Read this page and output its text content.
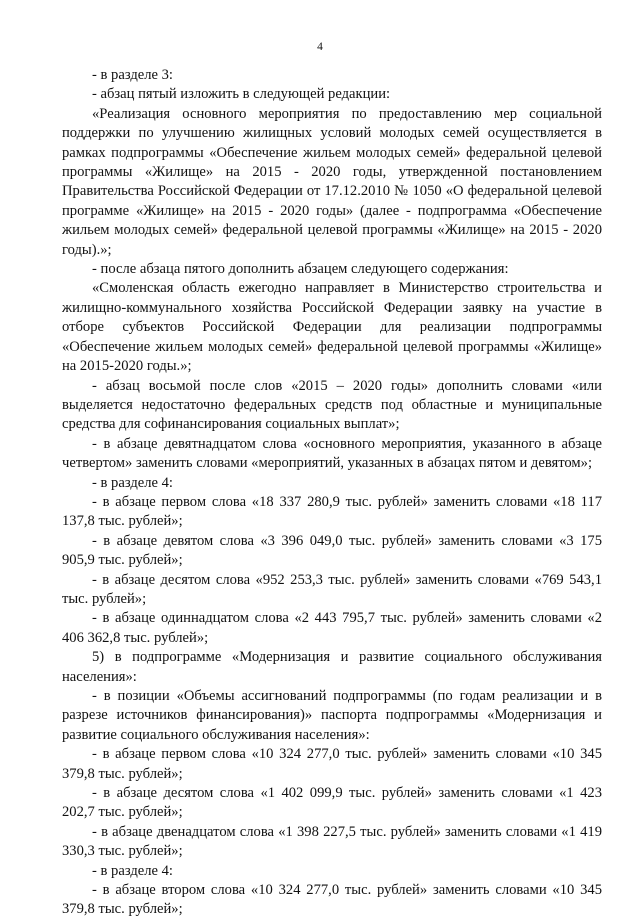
4

- в разделе 3:

- абзац пятый изложить в следующей редакции:

«Реализация основного мероприятия по предоставлению мер социальной поддержки по улучшению жилищных условий молодых семей осуществляется в рамках подпрограммы «Обеспечение жильем молодых семей» федеральной целевой программы «Жилище» на 2015 - 2020 годы, утвержденной постановлением Правительства Российской Федерации от 17.12.2010 № 1050 «О федеральной целевой программе «Жилище» на 2015 - 2020 годы» (далее - подпрограмма «Обеспечение жильем молодых семей» федеральной целевой программы «Жилище» на 2015 - 2020 годы).»;

- после абзаца пятого дополнить абзацем следующего содержания:

«Смоленская область ежегодно направляет в Министерство строительства и жилищно-коммунального хозяйства Российской Федерации заявку на участие в отборе субъектов Российской Федерации для реализации подпрограммы «Обеспечение жильем молодых семей» федеральной целевой программы «Жилище» на 2015-2020 годы.»;

- абзац восьмой после слов «2015 – 2020 годы» дополнить словами «или выделяется недостаточно федеральных средств под областные и муниципальные средства для софинансирования социальных выплат»;

- в абзаце девятнадцатом слова «основного мероприятия, указанного в абзаце четвертом» заменить словами «мероприятий, указанных в абзацах пятом и девятом»;

- в разделе 4:

- в абзаце первом слова «18 337 280,9 тыс. рублей» заменить словами «18 117 137,8 тыс. рублей»;

- в абзаце девятом слова «3 396 049,0 тыс. рублей» заменить словами «3 175 905,9 тыс. рублей»;

- в абзаце десятом слова «952 253,3 тыс. рублей» заменить словами «769 543,1 тыс. рублей»;

- в абзаце одиннадцатом слова «2 443 795,7 тыс. рублей» заменить словами «2 406 362,8 тыс. рублей»;

5) в подпрограмме «Модернизация и развитие социального обслуживания населения»:

- в позиции «Объемы ассигнований подпрограммы (по годам реализации и в разрезе источников финансирования)» паспорта подпрограммы «Модернизация и развитие социального обслуживания населения»:

- в абзаце первом слова «10 324 277,0 тыс. рублей» заменить словами «10 345 379,8 тыс. рублей»;

- в абзаце десятом слова «1 402 099,9 тыс. рублей» заменить словами «1 423 202,7 тыс. рублей»;

- в абзаце двенадцатом слова «1 398 227,5 тыс. рублей» заменить словами «1 419 330,3 тыс. рублей»;

- в разделе 4:

- в абзаце втором слова «10 324 277,0 тыс. рублей» заменить словами «10 345 379,8 тыс. рублей»;
